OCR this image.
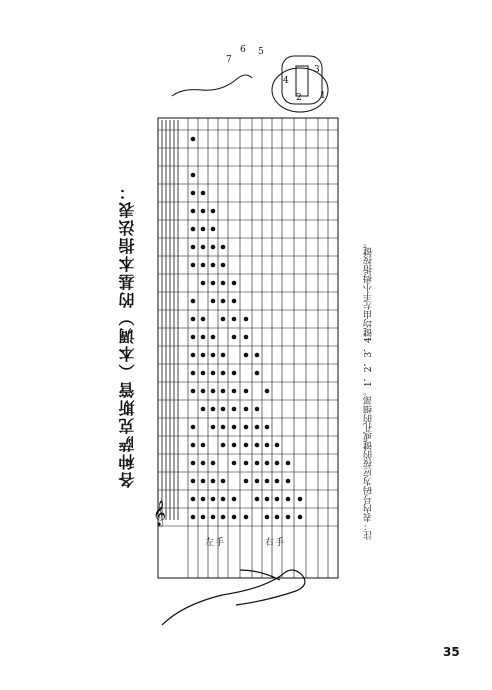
𝄞
左 手	右 手
4
3
2 1
5
6
7
各种萨克斯管（本调）的基本指法表：	注：表内号码为应按的键或孔的细部。1、2、3、4键均由左手小拇指按键。
35
